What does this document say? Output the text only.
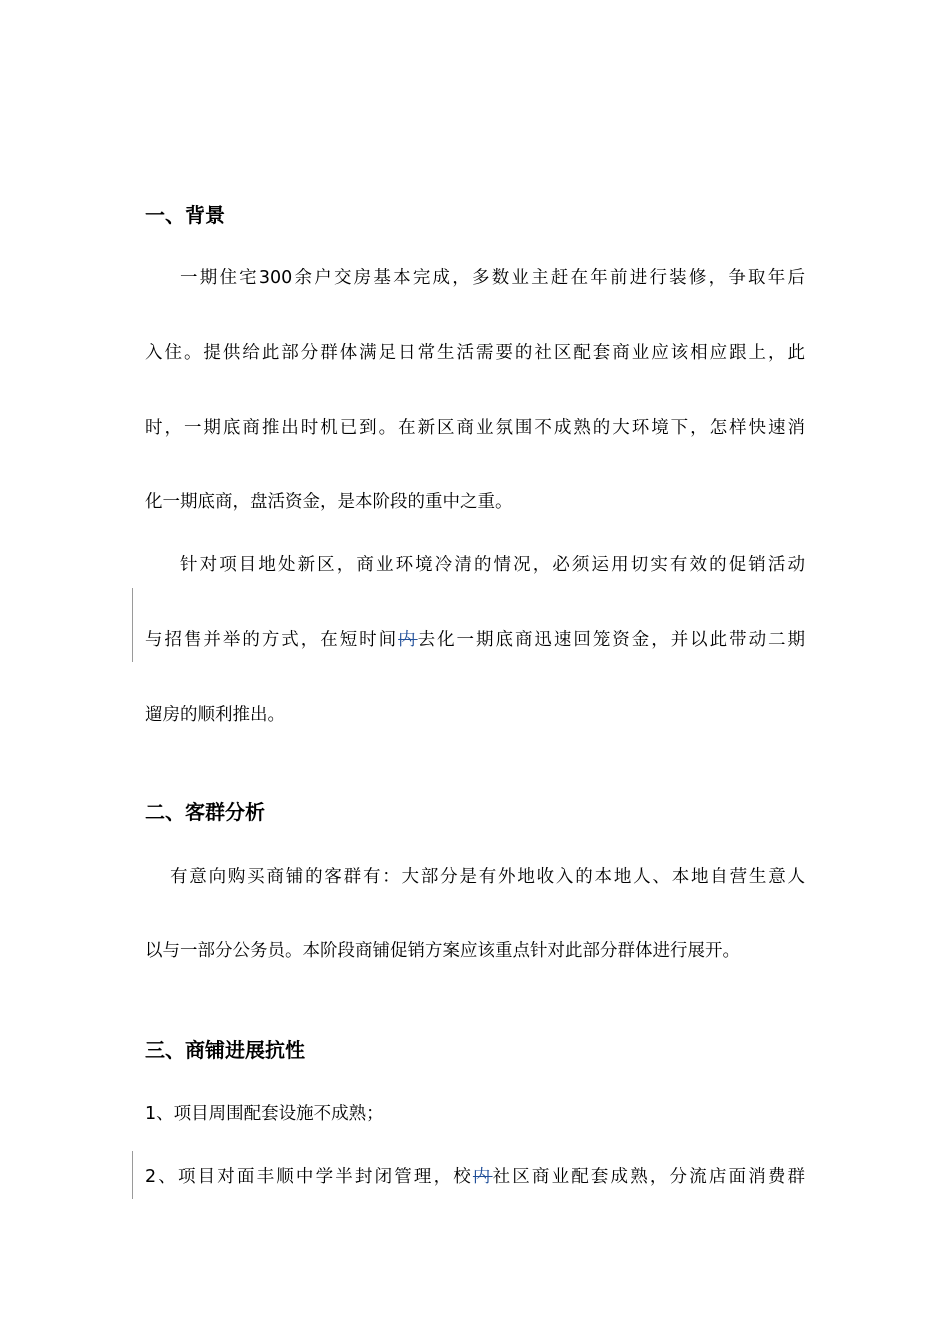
一、背景
一期住宅300余户交房基本完成，多数业主赶在年前进行装修，争取年后
入住。提供给此部分群体满足日常生活需要的社区配套商业应该相应跟上，此
时，一期底商推出时机已到。在新区商业氛围不成熟的大环境下，怎样快速消
化一期底商，盘活资金，是本阶段的重中之重。
针对项目地处新区，商业环境冷清的情况，必须运用切实有效的促销活动
与招售并举的方式，在短时间内去化一期底商迅速回笼资金，并以此带动二期
遛房的顺利推出。
二、客群分析
有意向购买商铺的客群有：大部分是有外地收入的本地人、本地自营生意人
以与一部分公务员。本阶段商铺促销方案应该重点针对此部分群体进行展开。
三、商铺进展抗性
1、项目周围配套设施不成熟；
2、项目对面丰顺中学半封闭管理，校内社区商业配套成熟，分流店面消费群
